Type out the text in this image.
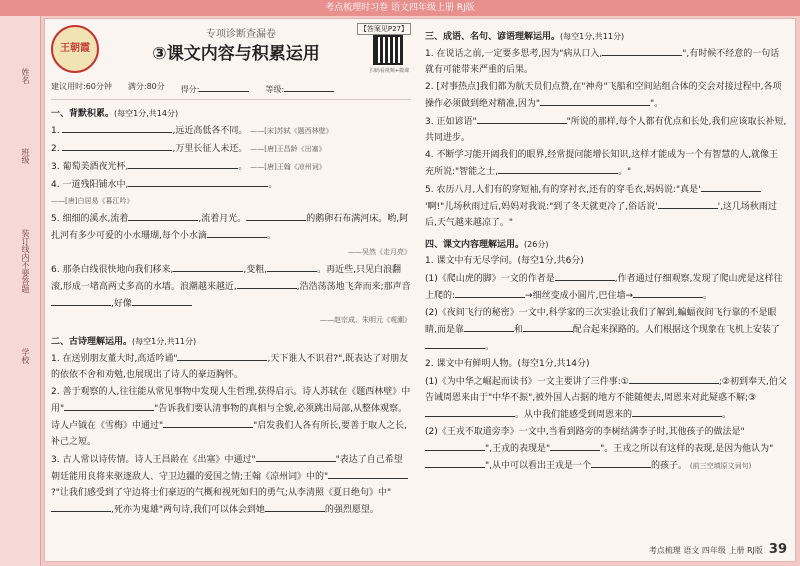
考点梳理时习卷 语文四年级上册 RJ版
姓名
班级
装订线内不要答题
学校
王朝霞
专项诊断查漏卷
③课文内容与积累运用
【答案见P27】
扫码看视频+微课
建议用时:60分钟 满分:80分 得分:	等级:
一、背默积累。(每空1分,共14分)
1.	,远近高低各不同。 ——[宋]苏轼《题西林壁》
2.	,万里长征人未还。 ——[唐]王昌龄《出塞》
3. 葡萄美酒夜光杯,	。 ——[唐]王翰《凉州词》
4. 一道残阳铺水中,	。
——[唐]白居易《暮江吟》
5. 细细的溪水,流着	,流着月光。	的鹅卵石布满河床。哟,阿扎河有多少可爱的小水珊瑚,每个小水滴	。
——吴然《走月亮》
6. 那条白线很快地向我们移来,	,变粗,	。再近些,只见白浪翻滚,形成一堵高两丈多高的水墙。浪潮越来越近,	,浩浩荡荡地飞奔而来;那声音,好像
——赵宗成、朱明元《观潮》
二、古诗理解运用。(每空1分,共11分)
1. 在送别朋友董大时,高适吟诵"	,天下谁人不识君?",既表达了对朋友的依依不舍和劝勉,也展现出了诗人的豪迈胸怀。
2. 善于观察的人,往往能从常见事物中发现人生哲理,获得启示。诗人苏轼在《题西林壁》中用"	"告诉我们要认清事物的真相与全貌,必须跳出局部,从整体观察。诗人卢钺在《雪梅》中通过"	"启发我们人各有所长,要善于取人之长,补己之短。
3. 古人常以诗传情。诗人王昌龄在《出塞》中通过"	"表达了自己希望朝廷能用良将来驱逐敌人、守卫边疆的爱国之情;王翰《凉州词》中的"?"让我们感受到了守边将士们豪迈的气概和视死如归的勇气;从李清照《夏日绝句》中",死亦为鬼雄"两句诗,我们可以体会到她	的强烈愿望。
三、成语、名句、谚语理解运用。(每空1分,共11分)
1. 在说话之前,一定要多思考,因为"病从口入,	",有时候不经意的一句话就有可能带来严重的后果。
2. [对事热点]我们都为航天员们点赞,在"神舟"飞船和空间站组合体的交会对接过程中,各项操作必须做到绝对精准,因为"	"。
3. 正如谚语"	"所说的那样,每个人都有优点和长处,我们应该取长补短,共同进步。
4. 不断学习能开阔我们的眼界,经常提问能增长知识,这样才能成为一个有智慧的人,就像王充所说:"智能之士,	。"
5. 农历八月,人们有的穿短袖,有的穿衬衣,还有的穿毛衣,妈妈说:"真是''啊!"儿场秋雨过后,妈妈对我说:"到了冬天就更冷了,俗话说'	',这几场秋雨过后,天气越来越凉了。"
四、课文内容理解运用。(26分)
1. 课文中有无尽学问。(每空1分,共6分)
(1)《爬山虎的脚》一文的作者是	,作者通过仔细观察,发现了爬山虎是这样往上爬的:	→细丝变成小圆片,巴住墙→	。
(2)《夜间飞行的秘密》一文中,科学家的三次实验让我们了解到,蝙蝠夜间飞行靠的不是眼睛,而是靠	和	配合起来探路的。人们根据这个现象在飞机上安装了。
2. 课文中有鲜明人物。(每空1分,共14分)
(1)《为中华之崛起而读书》一文主要讲了三件事:①	;②初到奉天,伯父告诫周恩来由于"中华不振",被外国人占据的地方不能随便去,周恩来对此疑惑不解;③。从中我们能感受到周恩来的	。
(2)《王戎不取道旁李》一文中,当看到路旁的李树结满李子时,其他孩子的做法是"",王戎的表现是"	"。王戎之所以有这样的表现,是因为他认为"",从中可以看出王戎是一个	的孩子。 (前三空填原文词句)
考点梳理 语文 四年级 上册 RJ版 39
